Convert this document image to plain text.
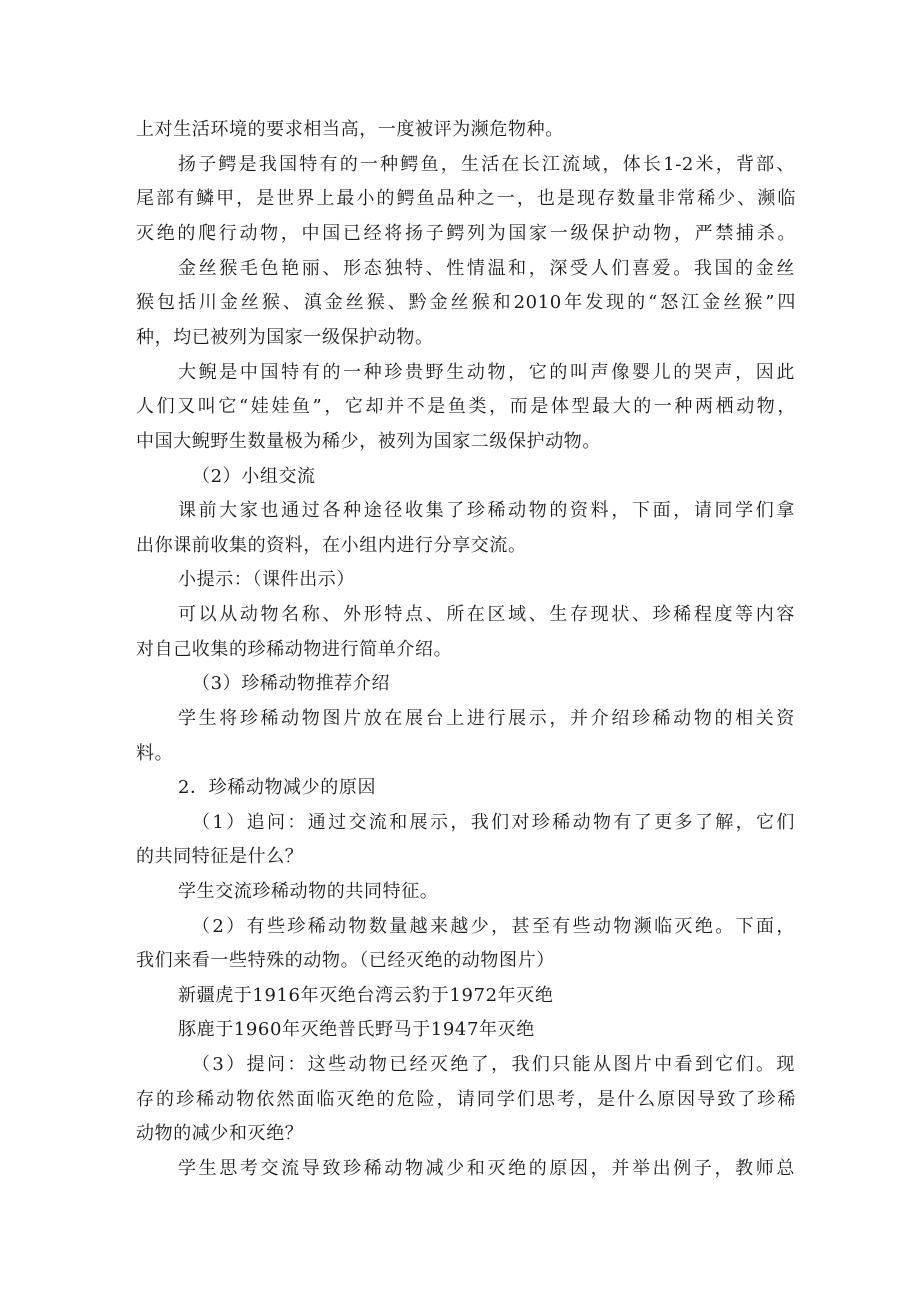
上对生活环境的要求相当高，一度被评为濒危物种。
扬子鳄是我国特有的一种鳄鱼，生活在长江流域，体长1-2米，背部、
尾部有鳞甲，是世界上最小的鳄鱼品种之一，也是现存数量非常稀少、濒临
灭绝的爬行动物，中国已经将扬子鳄列为国家一级保护动物，严禁捕杀。
金丝猴毛色艳丽、形态独特、性情温和，深受人们喜爱。我国的金丝
猴包括川金丝猴、滇金丝猴、黔金丝猴和2010年发现的“怒江金丝猴”四
种，均已被列为国家一级保护动物。
大鲵是中国特有的一种珍贵野生动物，它的叫声像婴儿的哭声，因此
人们又叫它“娃娃鱼”，它却并不是鱼类，而是体型最大的一种两栖动物，
中国大鲵野生数量极为稀少，被列为国家二级保护动物。
（2）小组交流
课前大家也通过各种途径收集了珍稀动物的资料，下面，请同学们拿
出你课前收集的资料，在小组内进行分享交流。
小提示：（课件出示）
可以从动物名称、外形特点、所在区域、生存现状、珍稀程度等内容
对自己收集的珍稀动物进行简单介绍。
（3）珍稀动物推荐介绍
学生将珍稀动物图片放在展台上进行展示，并介绍珍稀动物的相关资
料。
2．珍稀动物减少的原因
（1）追问：通过交流和展示，我们对珍稀动物有了更多了解，它们
的共同特征是什么？
学生交流珍稀动物的共同特征。
（2）有些珍稀动物数量越来越少，甚至有些动物濒临灭绝。下面，
我们来看一些特殊的动物。（已经灭绝的动物图片）
新疆虎于1916年灭绝台湾云豹于1972年灭绝
豚鹿于1960年灭绝普氏野马于1947年灭绝
（3）提问：这些动物已经灭绝了，我们只能从图片中看到它们。现
存的珍稀动物依然面临灭绝的危险，请同学们思考，是什么原因导致了珍稀
动物的减少和灭绝？
学生思考交流导致珍稀动物减少和灭绝的原因，并举出例子，教师总
